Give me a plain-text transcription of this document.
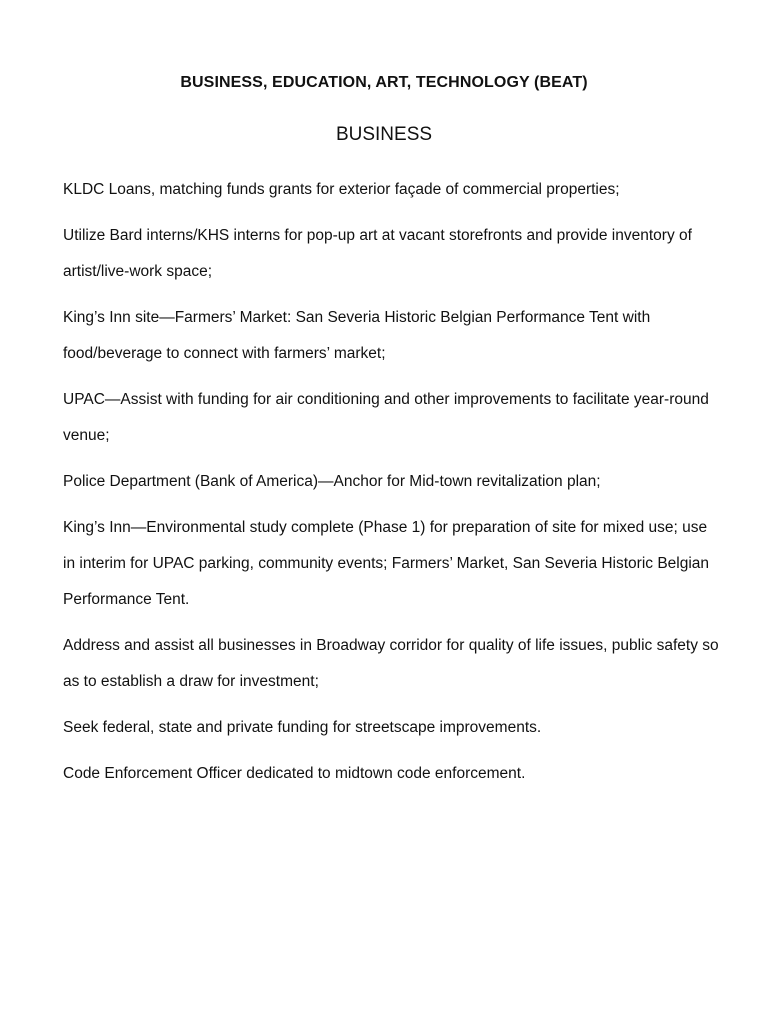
BUSINESS, EDUCATION, ART, TECHNOLOGY (BEAT)
BUSINESS
KLDC Loans, matching funds grants for exterior façade of commercial properties;
Utilize Bard interns/KHS interns for pop-up art at vacant storefronts and provide inventory of artist/live-work space;
King’s Inn site—Farmers’ Market: San Severia Historic Belgian Performance Tent with food/beverage to connect with farmers’ market;
UPAC—Assist with funding for air conditioning and other improvements to facilitate year-round venue;
Police Department (Bank of America)—Anchor for Mid-town revitalization plan;
King’s Inn—Environmental study complete (Phase 1) for preparation of site for mixed use; use in interim for UPAC parking, community events; Farmers’ Market, San Severia Historic Belgian Performance Tent.
Address and assist all businesses in Broadway corridor for quality of life issues, public safety so as to establish a draw for investment;
Seek federal, state and private funding for streetscape improvements.
Code Enforcement Officer dedicated to midtown code enforcement.
